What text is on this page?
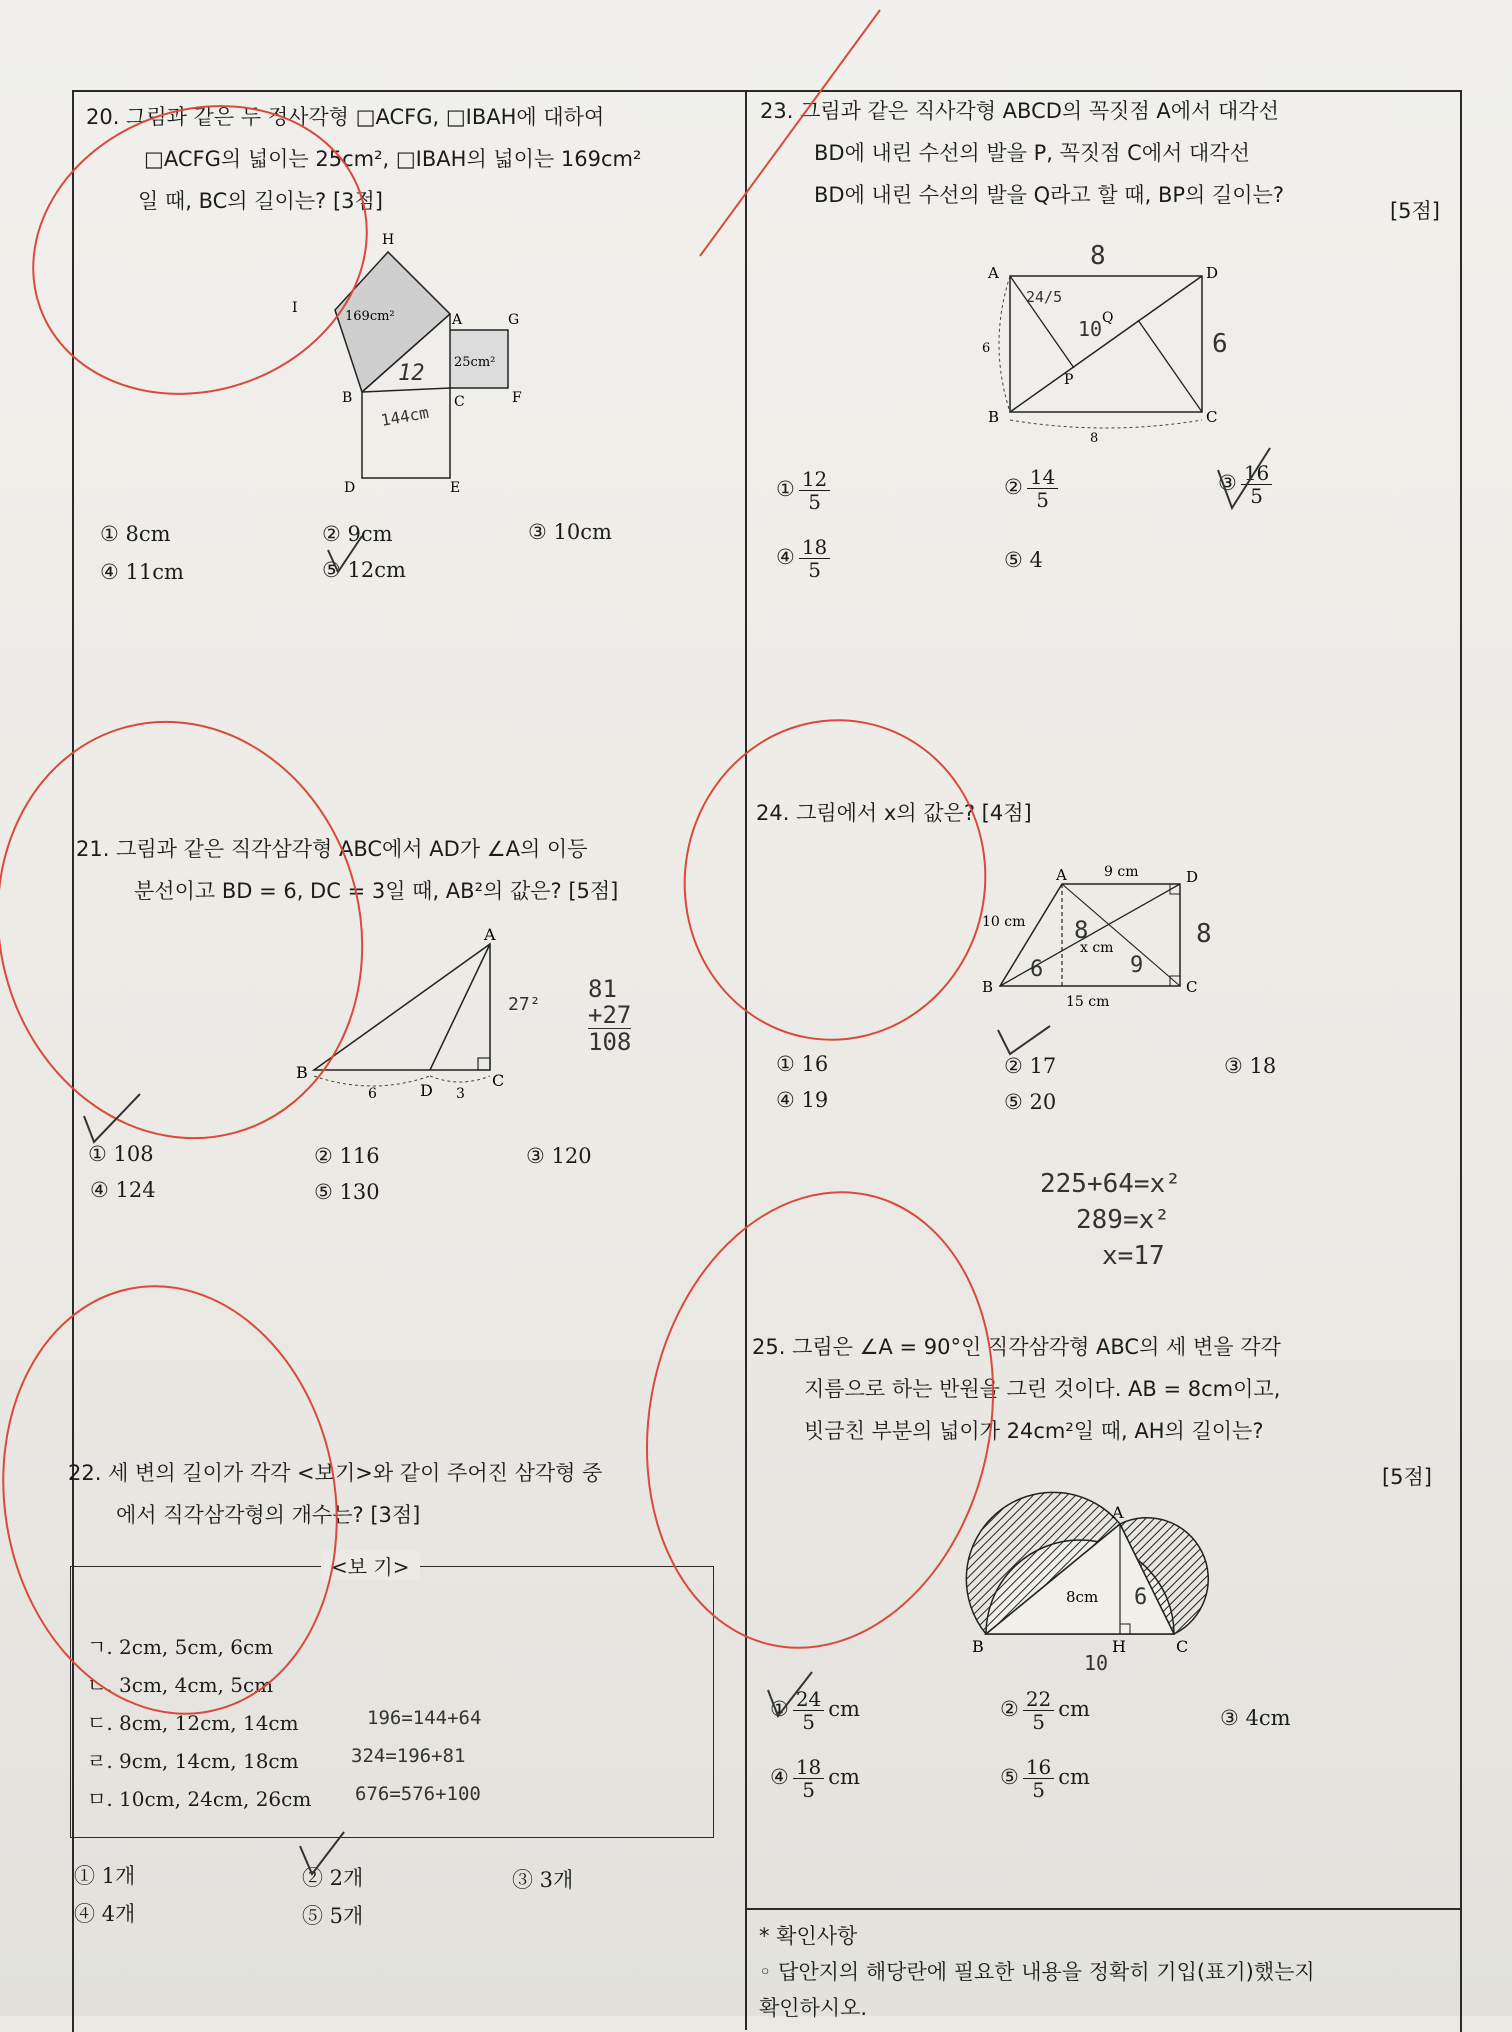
20. 그림과 같은 두 정사각형 □ACFG, □IBAH에 대하여
□ACFG의 넓이는 25cm², □IBAH의 넓이는 169cm²
일 때, BC의 길이는? [3점]
169cm²
25cm²
H
I
A	G
B	C	F
D	E
12
144cm
① 8cm	② 9cm	③ 10cm
④ 11cm	⑤ 12cm
21. 그림과 같은 직각삼각형 ABC에서 AD가 ∠A의 이등
분선이고 BD = 6, DC = 3일 때, AB²의 값은? [5점]
A
B	C
D
6	3
27²
81
+27
108
① 108	② 116	③ 120
④ 124	⑤ 130
22. 세 변의 길이가 각각 <보기>와 같이 주어진 삼각형 중
에서 직각삼각형의 개수는? [3점]
<보 기>
ㄱ. 2cm, 5cm, 6cm
ㄴ. 3cm, 4cm, 5cm
ㄷ. 8cm, 12cm, 14cm
ㄹ. 9cm, 14cm, 18cm
ㅁ. 10cm, 24cm, 26cm
196=144+64
324=196+81
676=576+100
① 1개	② 2개	③ 3개
④ 4개	⑤ 5개
23. 그림과 같은 직사각형 ABCD의 꼭짓점 A에서 대각선
BD에 내린 수선의 발을 P, 꼭짓점 C에서 대각선
BD에 내린 수선의 발을 Q라고 할 때, BP의 길이는?
[5점]
A
B	C
D
P
Q
6
8
8
6
24/5
10
① $\frac{12}{5}$	② $\frac{14}{5}$	③ $\frac{16}{5}$
④ $\frac{18}{5}$	⑤ 4
24. 그림에서 x의 값은? [4점]
A
B	C
D
9 cm
10 cm
x cm
15 cm
8
6	9
8
① 16	② 17	③ 18
④ 19	⑤ 20
225+64=x²
289=x²
x=17
25. 그림은 ∠A = 90°인 직각삼각형 ABC의 세 변을 각각
지름으로 하는 반원을 그린 것이다. AB = 8cm이고,
빗금친 부분의 넓이가 24cm²일 때, AH의 길이는?
[5점]
A
B	C
H
8cm 6
10
① $\frac{24}{5}$ cm	② $\frac{22}{5}$ cm	③ 4cm
④ $\frac{18}{5}$ cm	⑤ $\frac{16}{5}$ cm
* 확인사항
◦ 답안지의 해당란에 필요한 내용을 정확히 기입(표기)했는지
확인하시오.
